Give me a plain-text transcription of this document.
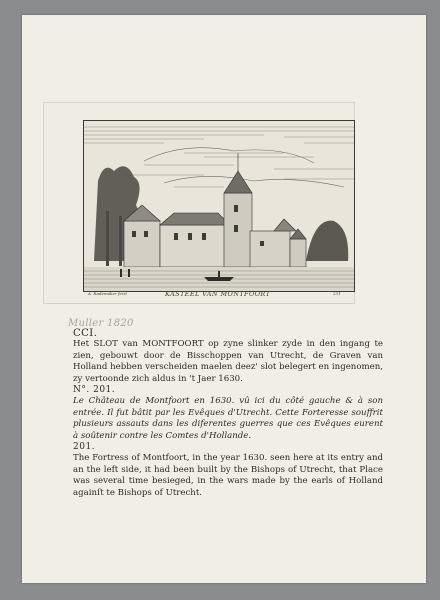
A. Rademaker fecit	KASTEEL VAN MONTFOORT	231
Muller 1820

CCI.

Het SLOT van MONTFOORT op zyne slinker zyde in den ingang te zien, gebouwt door de Bisschoppen van Utrecht, de Graven van Holland hebben verscheiden maelen deez' slot belegert en ingenomen, zy vertoonde zich aldus in 't Jaer 1630.

N°. 201.

Le Château de Montfoort en 1630. vû ici du côté gauche & à son entrée. Il fut bâtit par les Evêques d'Utrecht. Cette Forteresse souffrit plusieurs assauts dans les diferentes guerres que ces Evêques eurent à soûtenir contre les Comtes d'Hollande.

201.

The Fortress of Montfoort, in the year 1630. seen here at its entry and an the left side, it had been built by the Bishops of Utrecht, that Place was several time besieged, in the wars made by the earls of Holland againſt te Bishops of Utrecht.
